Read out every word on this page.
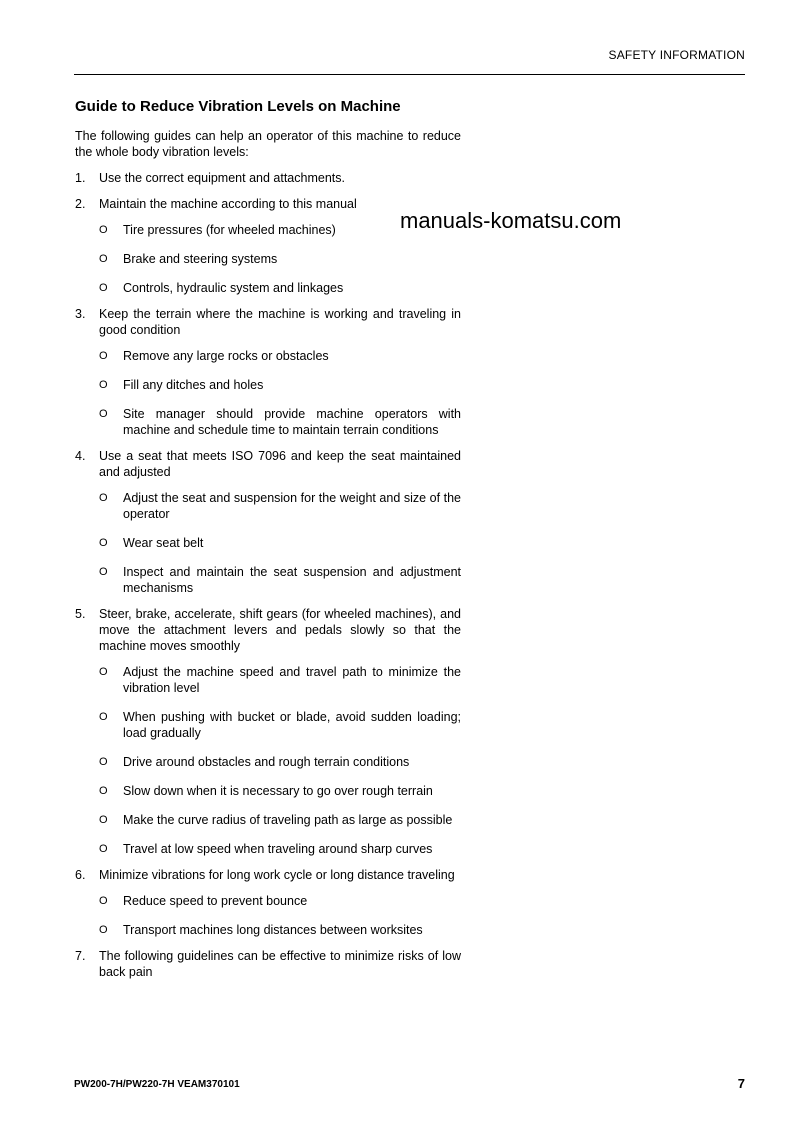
SAFETY INFORMATION
manuals-komatsu.com
Guide to Reduce Vibration Levels on Machine
The following guides can help an operator of this machine to reduce the whole body vibration levels:
1.	Use the correct equipment and attachments.
2.	Maintain the machine according to this manual
O	Tire pressures (for wheeled machines)
O	Brake and steering systems
O	Controls, hydraulic system and linkages
3.	Keep the terrain where the machine is working and traveling in good condition
O	Remove any large rocks or obstacles
O	Fill any ditches and holes
O	Site manager should provide machine operators with machine and schedule time to maintain terrain conditions
4.	Use a seat that meets ISO 7096 and keep the seat maintained and adjusted
O	Adjust the seat and suspension for the weight and size of the operator
O	Wear seat belt
O	Inspect and maintain the seat suspension and adjustment mechanisms
5.	Steer, brake, accelerate, shift gears (for wheeled machines), and move the attachment levers and pedals slowly so that the machine moves smoothly
O	Adjust the machine speed and travel path to minimize the vibration level
O	When pushing with bucket or blade, avoid sudden loading; load gradually
O	Drive around obstacles and rough terrain conditions
O	Slow down when it is necessary to go over rough terrain
O	Make the curve radius of traveling path as large as possible
O	Travel at low speed when traveling around sharp curves
6.	Minimize vibrations for long work cycle or long distance traveling
O	Reduce speed to prevent bounce
O	Transport machines long distances between worksites
7.	The following guidelines can be effective to minimize risks of low back pain
PW200-7H/PW220-7H VEAM370101	7
